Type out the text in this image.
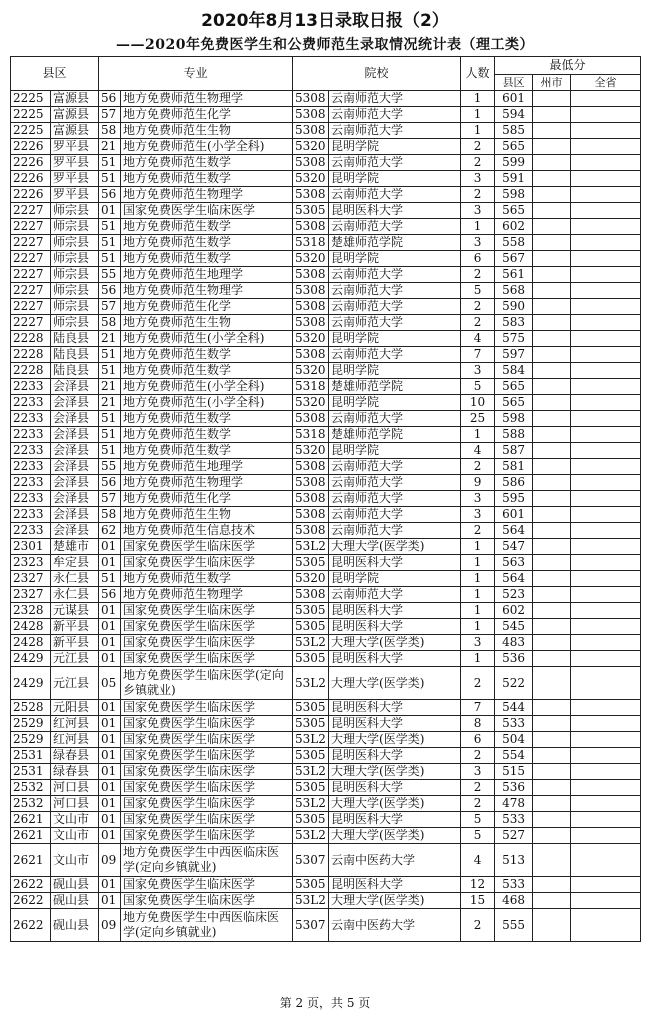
2020年8月13日录取日报（2）
——2020年免费医学生和公费师范生录取情况统计表（理工类）
县区		专业		院校		人数	最低分		
							县区	州市	全省
2225	富源县	56	地方免费师范生物理学	5308	云南师范大学	1	601		
2225	富源县	57	地方免费师范生化学	5308	云南师范大学	1	594		
2225	富源县	58	地方免费师范生生物	5308	云南师范大学	1	585		
2226	罗平县	21	地方免费师范生(小学全科)	5320	昆明学院	2	565		
2226	罗平县	51	地方免费师范生数学	5308	云南师范大学	2	599		
2226	罗平县	51	地方免费师范生数学	5320	昆明学院	3	591		
2226	罗平县	56	地方免费师范生物理学	5308	云南师范大学	2	598		
2227	师宗县	01	国家免费医学生临床医学	5305	昆明医科大学	3	565		
2227	师宗县	51	地方免费师范生数学	5308	云南师范大学	1	602		
2227	师宗县	51	地方免费师范生数学	5318	楚雄师范学院	3	558		
2227	师宗县	51	地方免费师范生数学	5320	昆明学院	6	567		
2227	师宗县	55	地方免费师范生地理学	5308	云南师范大学	2	561		
2227	师宗县	56	地方免费师范生物理学	5308	云南师范大学	5	568		
2227	师宗县	57	地方免费师范生化学	5308	云南师范大学	2	590		
2227	师宗县	58	地方免费师范生生物	5308	云南师范大学	2	583		
2228	陆良县	21	地方免费师范生(小学全科)	5320	昆明学院	4	575		
2228	陆良县	51	地方免费师范生数学	5308	云南师范大学	7	597		
2228	陆良县	51	地方免费师范生数学	5320	昆明学院	3	584		
2233	会泽县	21	地方免费师范生(小学全科)	5318	楚雄师范学院	5	565		
2233	会泽县	21	地方免费师范生(小学全科)	5320	昆明学院	10	565		
2233	会泽县	51	地方免费师范生数学	5308	云南师范大学	25	598		
2233	会泽县	51	地方免费师范生数学	5318	楚雄师范学院	1	588		
2233	会泽县	51	地方免费师范生数学	5320	昆明学院	4	587		
2233	会泽县	55	地方免费师范生地理学	5308	云南师范大学	2	581		
2233	会泽县	56	地方免费师范生物理学	5308	云南师范大学	9	586		
2233	会泽县	57	地方免费师范生化学	5308	云南师范大学	3	595		
2233	会泽县	58	地方免费师范生生物	5308	云南师范大学	3	601		
2233	会泽县	62	地方免费师范生信息技术	5308	云南师范大学	2	564		
2301	楚雄市	01	国家免费医学生临床医学	53L2	大理大学(医学类)	1	547		
2323	牟定县	01	国家免费医学生临床医学	5305	昆明医科大学	1	563		
2327	永仁县	51	地方免费师范生数学	5320	昆明学院	1	564		
2327	永仁县	56	地方免费师范生物理学	5308	云南师范大学	1	523		
2328	元谋县	01	国家免费医学生临床医学	5305	昆明医科大学	1	602		
2428	新平县	01	国家免费医学生临床医学	5305	昆明医科大学	1	545		
2428	新平县	01	国家免费医学生临床医学	53L2	大理大学(医学类)	3	483		
2429	元江县	01	国家免费医学生临床医学	5305	昆明医科大学	1	536		
2429	元江县	05	地方免费医学生临床医学(定向乡镇就业)	53L2	大理大学(医学类)	2	522		
2528	元阳县	01	国家免费医学生临床医学	5305	昆明医科大学	7	544		
2529	红河县	01	国家免费医学生临床医学	5305	昆明医科大学	8	533		
2529	红河县	01	国家免费医学生临床医学	53L2	大理大学(医学类)	6	504		
2531	绿春县	01	国家免费医学生临床医学	5305	昆明医科大学	2	554		
2531	绿春县	01	国家免费医学生临床医学	53L2	大理大学(医学类)	3	515		
2532	河口县	01	国家免费医学生临床医学	5305	昆明医科大学	2	536		
2532	河口县	01	国家免费医学生临床医学	53L2	大理大学(医学类)	2	478		
2621	文山市	01	国家免费医学生临床医学	5305	昆明医科大学	5	533		
2621	文山市	01	国家免费医学生临床医学	53L2	大理大学(医学类)	5	527		
2621	文山市	09	地方免费医学生中西医临床医学(定向乡镇就业)	5307	云南中医药大学	4	513		
2622	砚山县	01	国家免费医学生临床医学	5305	昆明医科大学	12	533		
2622	砚山县	01	国家免费医学生临床医学	53L2	大理大学(医学类)	15	468		
2622	砚山县	09	地方免费医学生中西医临床医学(定向乡镇就业)	5307	云南中医药大学	2	555		
第 2 页，共 5 页
